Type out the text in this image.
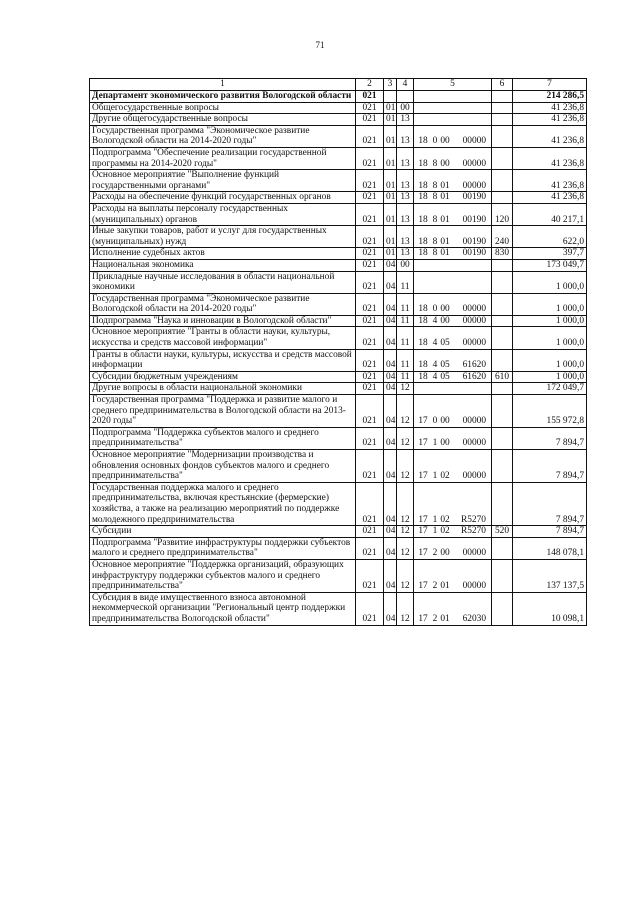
71
1	2	3	4	5	6	7
Департамент экономического развития Вологодской области	021					214 286,5
Общегосударственные вопросы	021	01	00			41 236,8
Другие общегосударственные вопросы	021	01	13			41 236,8
Государственная программа "Экономическое развитие Вологодской области на 2014-2020 годы"	021	01	13	18 0 00 00000		41 236,8
Подпрограмма "Обеспечение реализации государственной программы на 2014-2020 годы"	021	01	13	18 8 00 00000		41 236,8
Основное мероприятие "Выполнение функций государственными органами"	021	01	13	18 8 01 00000		41 236,8
Расходы на обеспечение функций государственных органов	021	01	13	18 8 01 00190		41 236,8
Расходы на выплаты персоналу государственных (муниципальных) органов	021	01	13	18 8 01 00190	120	40 217,1
Иные закупки товаров, работ и услуг для государственных (муниципальных) нужд	021	01	13	18 8 01 00190	240	622,0
Исполнение судебных актов	021	01	13	18 8 01 00190	830	397,7
Национальная экономика	021	04	00			173 049,7
Прикладные научные исследования в области национальной экономики	021	04	11			1 000,0
Государственная программа "Экономическое развитие Вологодской области на 2014-2020 годы"	021	04	11	18 0 00 00000		1 000,0
Подпрограмма "Наука и инновации в Вологодской области"	021	04	11	18 4 00 00000		1 000,0
Основное мероприятие "Гранты в области науки, культуры, искусства и средств массовой информации"	021	04	11	18 4 05 00000		1 000,0
Гранты в области науки, культуры, искусства и средств массовой информации	021	04	11	18 4 05 61620		1 000,0
Субсидии бюджетным учреждениям	021	04	11	18 4 05 61620	610	1 000,0
Другие вопросы в области национальной экономики	021	04	12			172 049,7
Государственная программа "Поддержка и развитие малого и среднего предпринимательства в Вологодской области на 2013-2020 годы"	021	04	12	17 0 00 00000		155 972,8
Подпрограмма "Поддержка субъектов малого и среднего предпринимательства"	021	04	12	17 1 00 00000		7 894,7
Основное мероприятие "Модернизации производства и обновления основных фондов субъектов малого и среднего предпринимательства"	021	04	12	17 1 02 00000		7 894,7
Государственная поддержка малого и среднего предпринимательства, включая крестьянские (фермерские) хозяйства, а также на реализацию мероприятий по поддержке молодежного предпринимательства	021	04	12	17 1 02 R5270		7 894,7
Субсидии	021	04	12	17 1 02 R5270	520	7 894,7
Подпрограмма "Развитие инфраструктуры поддержки субъектов малого и среднего предпринимательства"	021	04	12	17 2 00 00000		148 078,1
Основное мероприятие "Поддержка организаций, образующих инфраструктуру поддержки субъектов малого и среднего предпринимательства"	021	04	12	17 2 01 00000		137 137,5
Субсидия в виде имущественного взноса автономной некоммерческой организации "Региональный центр поддержки предпринимательства Вологодской области"	021	04	12	17 2 01 62030		10 098,1
